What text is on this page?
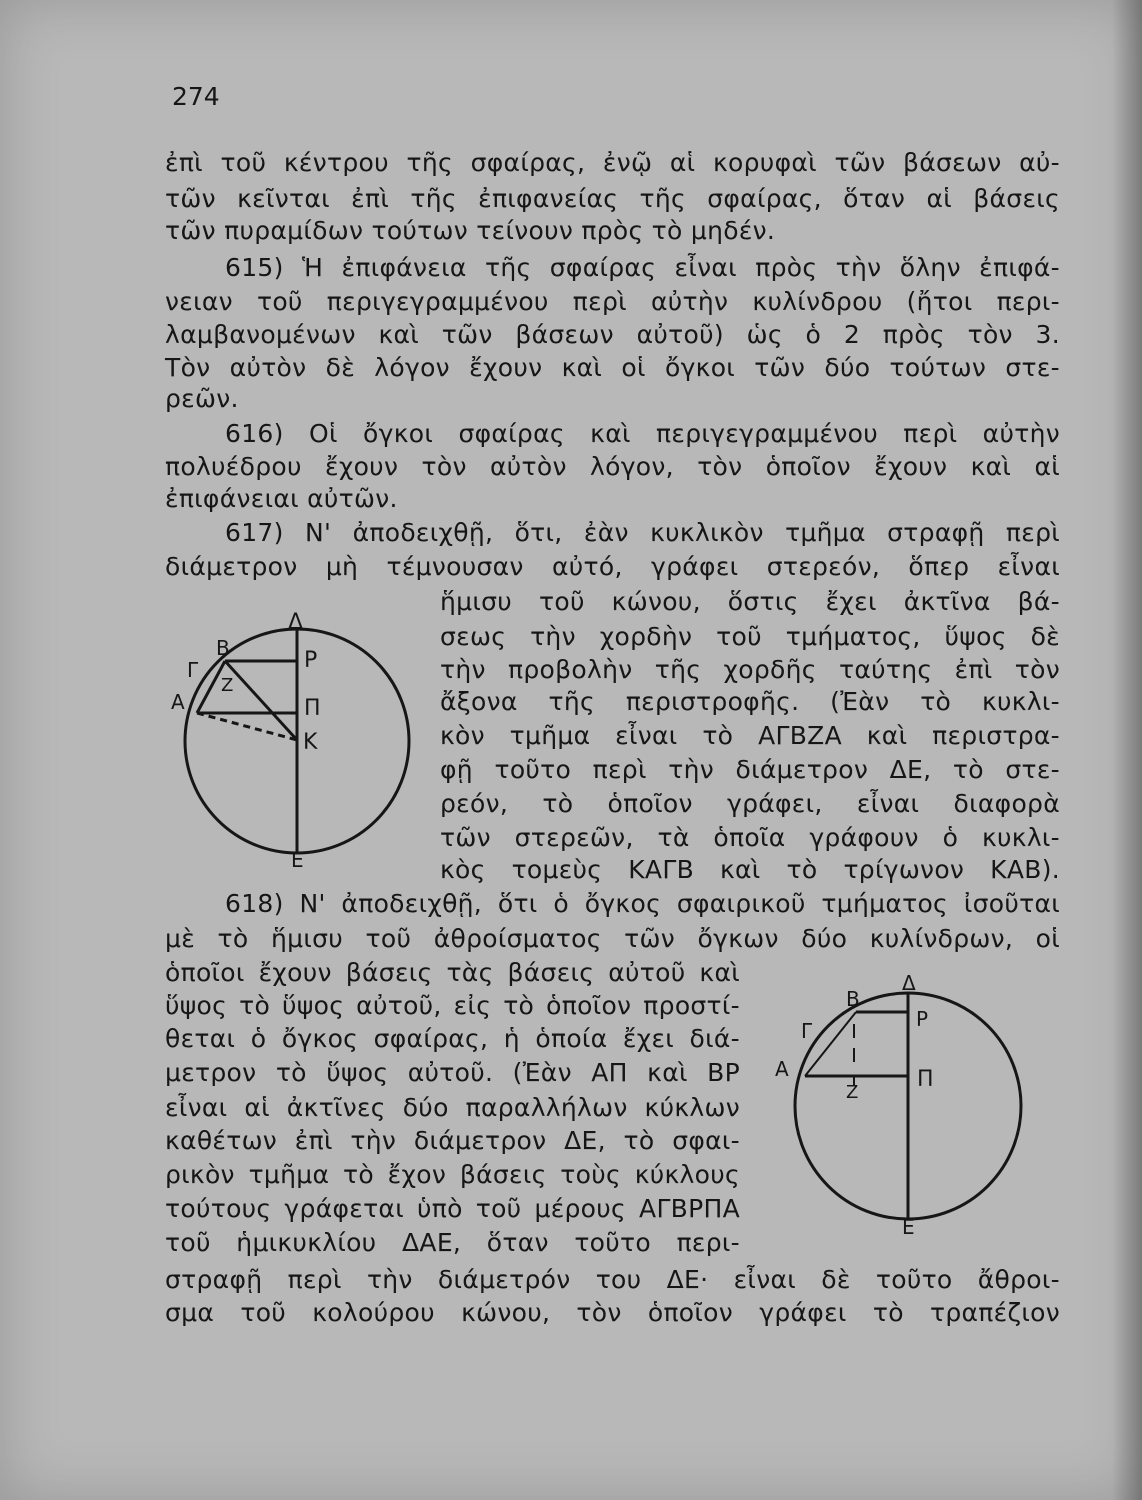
274
ἐπὶ τοῦ κέντρου τῆς σφαίρας, ἐνῷ αἱ κορυφαὶ τῶν βάσεων αὐ-
τῶν κεῖνται ἐπὶ τῆς ἐπιφανείας τῆς σφαίρας, ὅταν αἱ βάσεις
τῶν πυραμίδων τούτων τείνουν πρὸς τὸ μηδέν.
615) Ἡ ἐπιφάνεια τῆς σφαίρας εἶναι πρὸς τὴν ὅλην ἐπιφά-
νειαν τοῦ περιγεγραμμένου περὶ αὐτὴν κυλίνδρου (ἤτοι περι-
λαμβανομένων καὶ τῶν βάσεων αὐτοῦ) ὡς ὁ 2 πρὸς τὸν 3.
Τὸν αὐτὸν δὲ λόγον ἔχουν καὶ οἱ ὄγκοι τῶν δύο τούτων στε-
ρεῶν.
616) Οἱ ὄγκοι σφαίρας καὶ περιγεγραμμένου περὶ αὐτὴν
πολυέδρου ἔχουν τὸν αὐτὸν λόγον, τὸν ὁποῖον ἔχουν καὶ αἱ
ἐπιφάνειαι αὐτῶν.
617) Ν' ἀποδειχθῇ, ὅτι, ἐὰν κυκλικὸν τμῆμα στραφῇ περὶ
διάμετρον μὴ τέμνουσαν αὐτό, γράφει στερεόν, ὅπερ εἶναι
ἥμισυ τοῦ κώνου, ὅστις ἔχει ἀκτῖνα βά-
σεως τὴν χορδὴν τοῦ τμήματος, ὕψος δὲ
τὴν προβολὴν τῆς χορδῆς ταύτης ἐπὶ τὸν
ἄξονα τῆς περιστροφῆς. (Ἐὰν τὸ κυκλι-
κὸν τμῆμα εἶναι τὸ ΑΓΒΖΑ καὶ περιστρα-
φῇ τοῦτο περὶ τὴν διάμετρον ΔΕ, τὸ στε-
ρεόν, τὸ ὁποῖον γράφει, εἶναι διαφορὰ
τῶν στερεῶν, τὰ ὁποῖα γράφουν ὁ κυκλι-
κὸς τομεὺς ΚΑΓΒ καὶ τὸ τρίγωνον ΚΑΒ).
618) Ν' ἀποδειχθῇ, ὅτι ὁ ὄγκος σφαιρικοῦ τμήματος ἰσοῦται
μὲ τὸ ἥμισυ τοῦ ἀθροίσματος τῶν ὄγκων δύο κυλίνδρων, οἱ
ὁποῖοι ἔχουν βάσεις τὰς βάσεις αὐτοῦ καὶ
ὕψος τὸ ὕψος αὐτοῦ, εἰς τὸ ὁποῖον προστί-
θεται ὁ ὄγκος σφαίρας, ἡ ὁποία ἔχει διά-
μετρον τὸ ὕψος αὐτοῦ. (Ἐὰν ΑΠ καὶ ΒΡ
εἶναι αἱ ἀκτῖνες δύο παραλλήλων κύκλων
καθέτων ἐπὶ τὴν διάμετρον ΔΕ, τὸ σφαι-
ρικὸν τμῆμα τὸ ἔχον βάσεις τοὺς κύκλους
τούτους γράφεται ὑπὸ τοῦ μέρους ΑΓΒΡΠΑ
τοῦ ἡμικυκλίου ΔΑΕ, ὅταν τοῦτο περι-
στραφῇ περὶ τὴν διάμετρόν του ΔΕ· εἶναι δὲ τοῦτο ἄθροι-
σμα τοῦ κολούρου κώνου, τὸν ὁποῖον γράφει τὸ τραπέζιον
Δ
Ρ
Β
Γ
Ζ
Α	Π
Κ
Ε
Δ
Β
Ρ
Γ
Α	Π
Ζ
Ε
